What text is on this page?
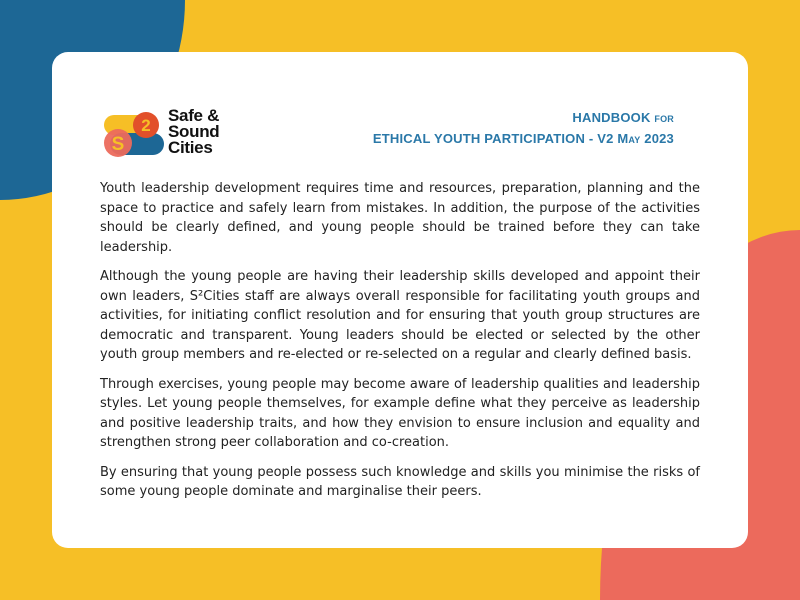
2
S
Safe &
Sound
Cities
HANDBOOK FOR
ETHICAL YOUTH PARTICIPATION - V2 MAY 2023

Youth leadership development requires time and resources, preparation, planning and the space to practice and safely learn from mistakes. In addition, the purpose of the activities should be clearly defined, and young people should be trained before they can take leadership.

Although the young people are having their leadership skills developed and appoint their own leaders, S²Cities staff are always overall responsible for facilitating youth groups and activities, for initiating conflict resolution and for ensuring that youth group structures are democratic and transparent. Young leaders should be elected or selected by the other youth group members and re-elected or re-selected on a regular and clearly defined basis.

Through exercises, young people may become aware of leadership qualities and leadership styles. Let young people themselves, for example define what they perceive as leadership and positive leadership traits, and how they envision to ensure inclusion and equality and strengthen strong peer collaboration and co-creation.

By ensuring that young people possess such knowledge and skills you minimise the risks of some young people dominate and marginalise their peers.
